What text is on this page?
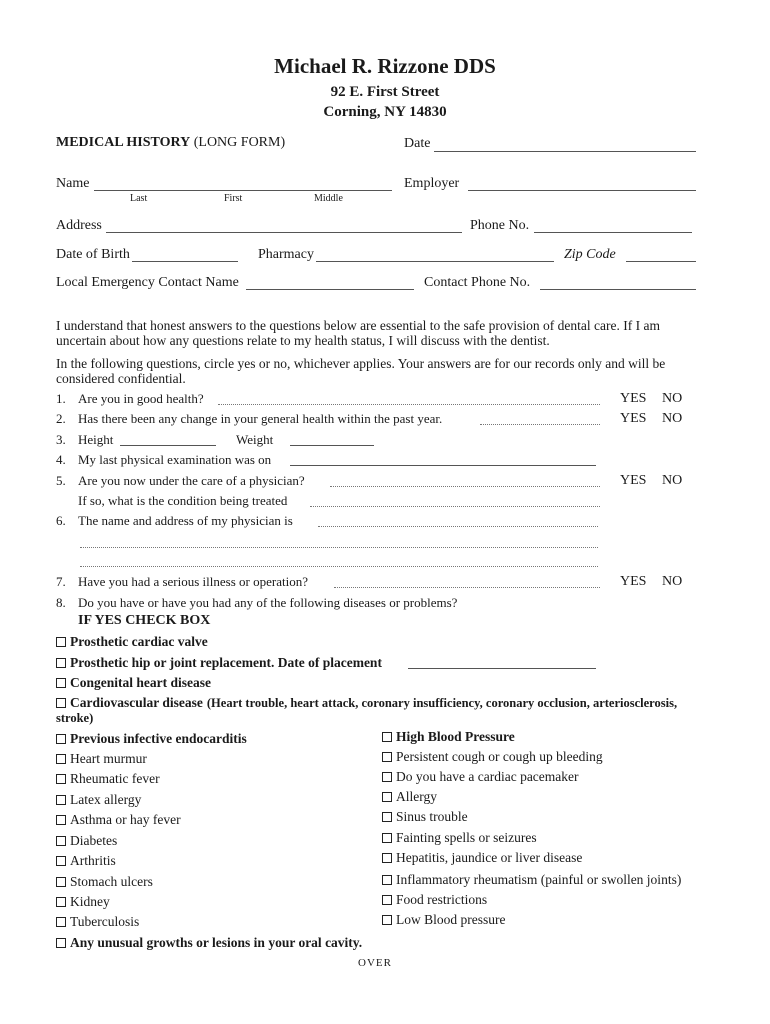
Michael R. Rizzone DDS
92 E. First Street
Corning, NY 14830
MEDICAL HISTORY (LONG FORM)	Date
Name
Last	First	Middle
Employer
Address	Phone No.
Date of Birth	Pharmacy	Zip Code
Local Emergency Contact Name	Contact Phone No.
I understand that honest answers to the questions below are essential to the safe provision of dental care. If I am uncertain about how any questions relate to my health status, I will discuss with the dentist.
In the following questions, circle yes or no, whichever applies. Your answers are for our records only and will be considered confidential.
1. Are you in good health?	YES NO
2. Has there been any change in your general health within the past year.	YES NO
3. Height	Weight
4. My last physical examination was on
5. Are you now under the care of a physician?	YES NO
If so, what is the condition being treated
6. The name and address of my physician is
7. Have you had a serious illness or operation?	YES NO
8. Do you have or have you had any of the following diseases or problems?
IF YES CHECK BOX
Prosthetic cardiac valve
Prosthetic hip or joint replacement. Date of placement
Congenital heart disease
Cardiovascular disease (Heart trouble, heart attack, coronary insufficiency, coronary occlusion, arteriosclerosis,
stroke)
Previous infective endocarditis
Heart murmur
Rheumatic fever
Latex allergy
Asthma or hay fever
Diabetes
Arthritis
Stomach ulcers
Kidney
Tuberculosis
High Blood Pressure
Persistent cough or cough up bleeding
Do you have a cardiac pacemaker
Allergy
Sinus trouble
Fainting spells or seizures
Hepatitis, jaundice or liver disease
Inflammatory rheumatism (painful or swollen joints)
Food restrictions
Low Blood pressure
Any unusual growths or lesions in your oral cavity.
OVER
